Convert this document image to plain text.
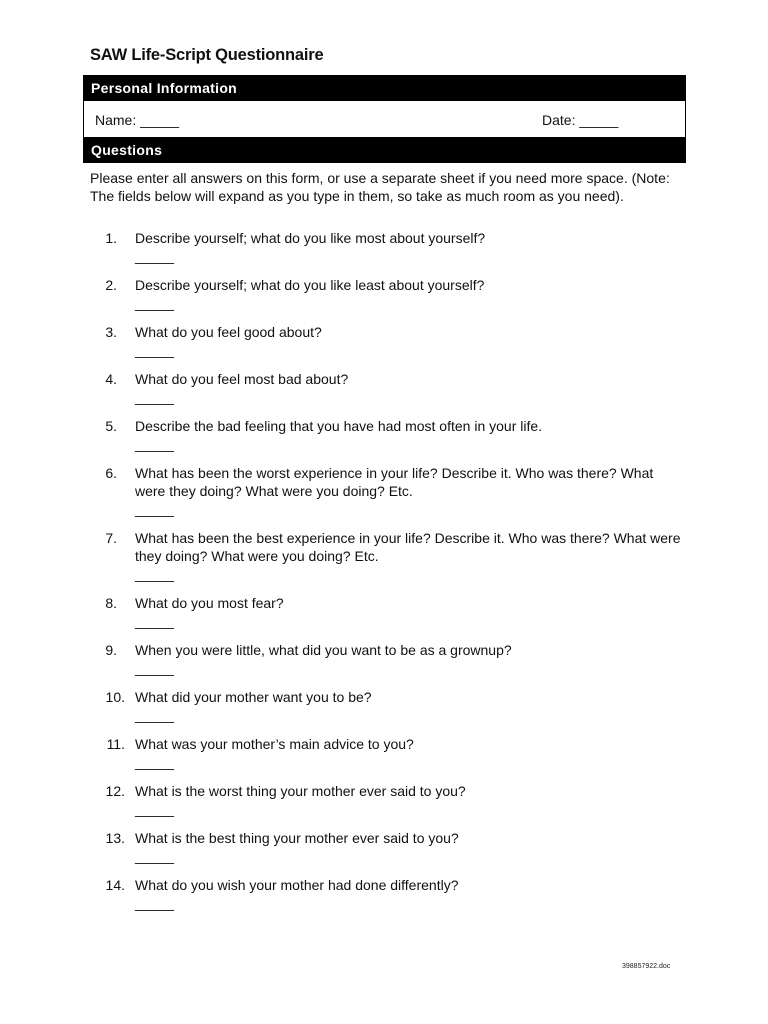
SAW Life-Script Questionnaire
Personal Information
Name: _____	Date: _____
Questions
Please enter all answers on this form, or use a separate sheet if you need more space. (Note: The fields below will expand as you type in them, so take as much room as you need).
1.	Describe yourself; what do you like most about yourself?
_____
2.	Describe yourself; what do you like least about yourself?
_____
3.	What do you feel good about?
_____
4.	What do you feel most bad about?
_____
5.	Describe the bad feeling that you have had most often in your life.
_____
6.	What has been the worst experience in your life? Describe it. Who was there? What were they doing? What were you doing? Etc.
_____
7.	What has been the best experience in your life? Describe it. Who was there? What were they doing? What were you doing? Etc.
_____
8.	What do you most fear?
_____
9.	When you were little, what did you want to be as a grownup?
_____
10. What did your mother want you to be?
_____
11. What was your mother’s main advice to you?
_____
12. What is the worst thing your mother ever said to you?
_____
13. What is the best thing your mother ever said to you?
_____
14. What do you wish your mother had done differently?
_____
398857922.doc
